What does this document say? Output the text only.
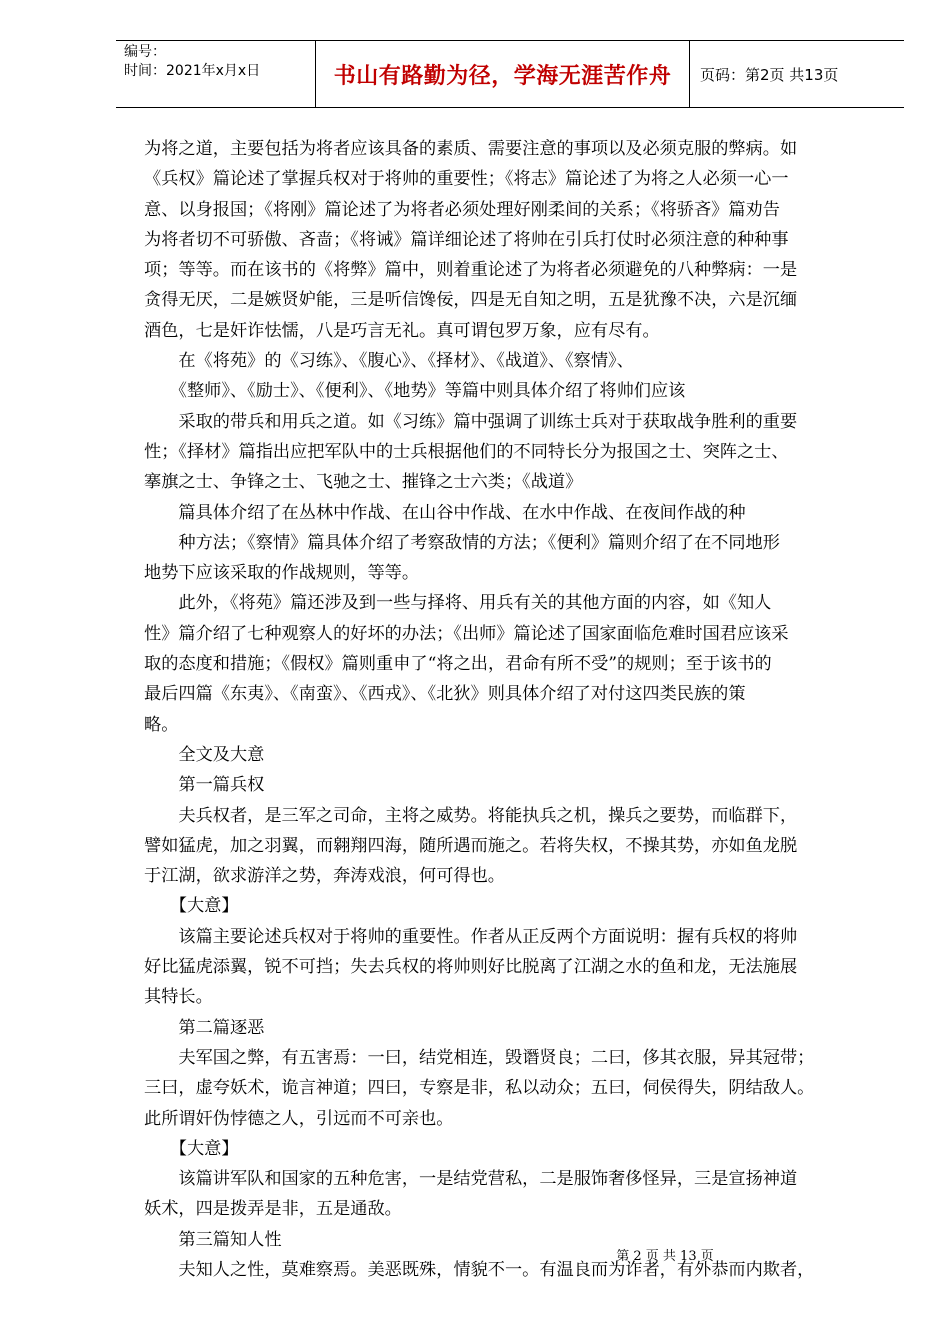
编号：
时间：2021年x月x日	书山有路勤为径，学海无涯苦作舟	页码：第2页 共13页

为将之道，主要包括为将者应该具备的素质、需要注意的事项以及必须克服的弊病。如

《兵权》篇论述了掌握兵权对于将帅的重要性；《将志》篇论述了为将之人必须一心一

意、以身报国；《将刚》篇论述了为将者必须处理好刚柔间的关系；《将骄吝》篇劝告

为将者切不可骄傲、吝啬；《将诫》篇详细论述了将帅在引兵打仗时必须注意的种种事

项；等等。而在该书的《将弊》篇中，则着重论述了为将者必须避免的八种弊病：一是

贪得无厌，二是嫉贤妒能，三是听信馋佞，四是无自知之明，五是犹豫不决，六是沉缅

酒色，七是奸诈怯懦，八是巧言无礼。真可谓包罗万象，应有尽有。

　　在《将苑》的《习练》、《腹心》、《择材》、《战道》、《察情》、

　　《整师》、《励士》、《便利》、《地势》等篇中则具体介绍了将帅们应该

　　采取的带兵和用兵之道。如《习练》篇中强调了训练士兵对于获取战争胜利的重要

性；《择材》篇指出应把军队中的士兵根据他们的不同特长分为报国之士、突阵之士、

搴旗之士、争锋之士、飞驰之士、摧锋之士六类；《战道》

　　篇具体介绍了在丛林中作战、在山谷中作战、在水中作战、在夜间作战的种

　　种方法；《察情》篇具体介绍了考察敌情的方法；《便利》篇则介绍了在不同地形

地势下应该采取的作战规则，等等。

　　此外，《将苑》篇还涉及到一些与择将、用兵有关的其他方面的内容，如《知人

性》篇介绍了七种观察人的好坏的办法；《出师》篇论述了国家面临危难时国君应该采

取的态度和措施；《假权》篇则重申了“将之出，君命有所不受”的规则；至于该书的

最后四篇《东夷》、《南蛮》、《西戎》、《北狄》则具体介绍了对付这四类民族的策

略。

　　全文及大意

　　第一篇兵权

　　夫兵权者，是三军之司命，主将之威势。将能执兵之机，操兵之要势，而临群下，

譬如猛虎，加之羽翼，而翱翔四海，随所遇而施之。若将失权，不操其势，亦如鱼龙脱

于江湖，欲求游洋之势，奔涛戏浪，何可得也。

　　【大意】

　　该篇主要论述兵权对于将帅的重要性。作者从正反两个方面说明：握有兵权的将帅

好比猛虎添翼，锐不可挡；失去兵权的将帅则好比脱离了江湖之水的鱼和龙，无法施展

其特长。

　　第二篇逐恶

　　夫军国之弊，有五害焉：一曰，结党相连，毁谮贤良；二曰，侈其衣服，异其冠带；

三曰，虚夸妖术，诡言神道；四曰，专察是非，私以动众；五曰，伺侯得失，阴结敌人。

此所谓奸伪悖德之人，引远而不可亲也。

　　【大意】

　　该篇讲军队和国家的五种危害，一是结党营私，二是服饰奢侈怪异，三是宣扬神道

妖术，四是拨弄是非，五是通敌。

　　第三篇知人性

　　夫知人之性，莫难察焉。美恶既殊，情貌不一。有温良而为诈者，有外恭而内欺者，

第 2 页 共 13 页
